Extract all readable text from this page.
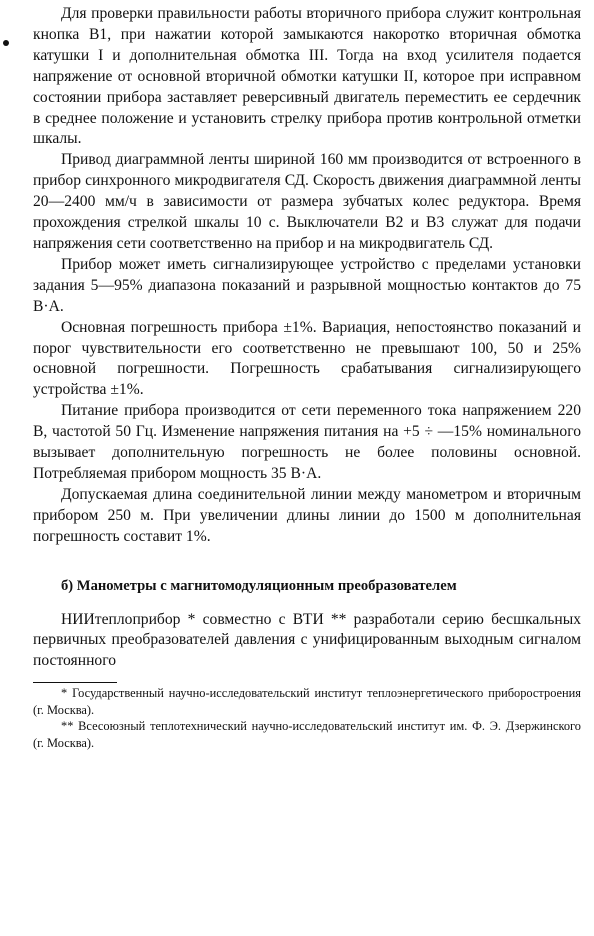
Для проверки правильности работы вторичного прибора служит контрольная кнопка В1, при нажатии которой замыкаются накоротко вторичная обмотка катушки I и дополнительная обмотка III. Тогда на вход усилителя подается напряжение от основной вторичной обмотки катушки II, которое при исправном состоянии прибора заставляет реверсивный двигатель переместить ее сердечник в среднее положение и установить стрелку прибора против контрольной отметки шкалы.

Привод диаграммной ленты шириной 160 мм производится от встроенного в прибор синхронного микродвигателя СД. Скорость движения диаграммной ленты 20—2400 мм/ч в зависимости от размера зубчатых колес редуктора. Время прохождения стрелкой шкалы 10 с. Выключатели В2 и В3 служат для подачи напряжения сети соответственно на прибор и на микродвигатель СД.

Прибор может иметь сигнализирующее устройство с пределами установки задания 5—95% диапазона показаний и разрывной мощностью контактов до 75 В·А.

Основная погрешность прибора ±1%. Вариация, непостоянство показаний и порог чувствительности его соответственно не превышают 100, 50 и 25% основной погрешности. Погрешность срабатывания сигнализирующего устройства ±1%.

Питание прибора производится от сети переменного тока напряжением 220 В, частотой 50 Гц. Изменение напряжения питания на +5 ÷ —15% номинального вызывает дополнительную погрешность не более половины основной. Потребляемая прибором мощность 35 В·А.

Допускаемая длина соединительной линии между манометром и вторичным прибором 250 м. При увеличении длины линии до 1500 м дополнительная погрешность составит 1%.

б) Манометры с магнитомодуляционным преобразователем

НИИтеплоприбор * совместно с ВТИ ** разработали серию бесшкальных первичных преобразователей давления с унифицированным выходным сигналом постоянного

* Государственный научно-исследовательский институт теплоэнергетического приборостроения (г. Москва).

** Всесоюзный теплотехнический научно-исследовательский институт им. Ф. Э. Дзержинского (г. Москва).
